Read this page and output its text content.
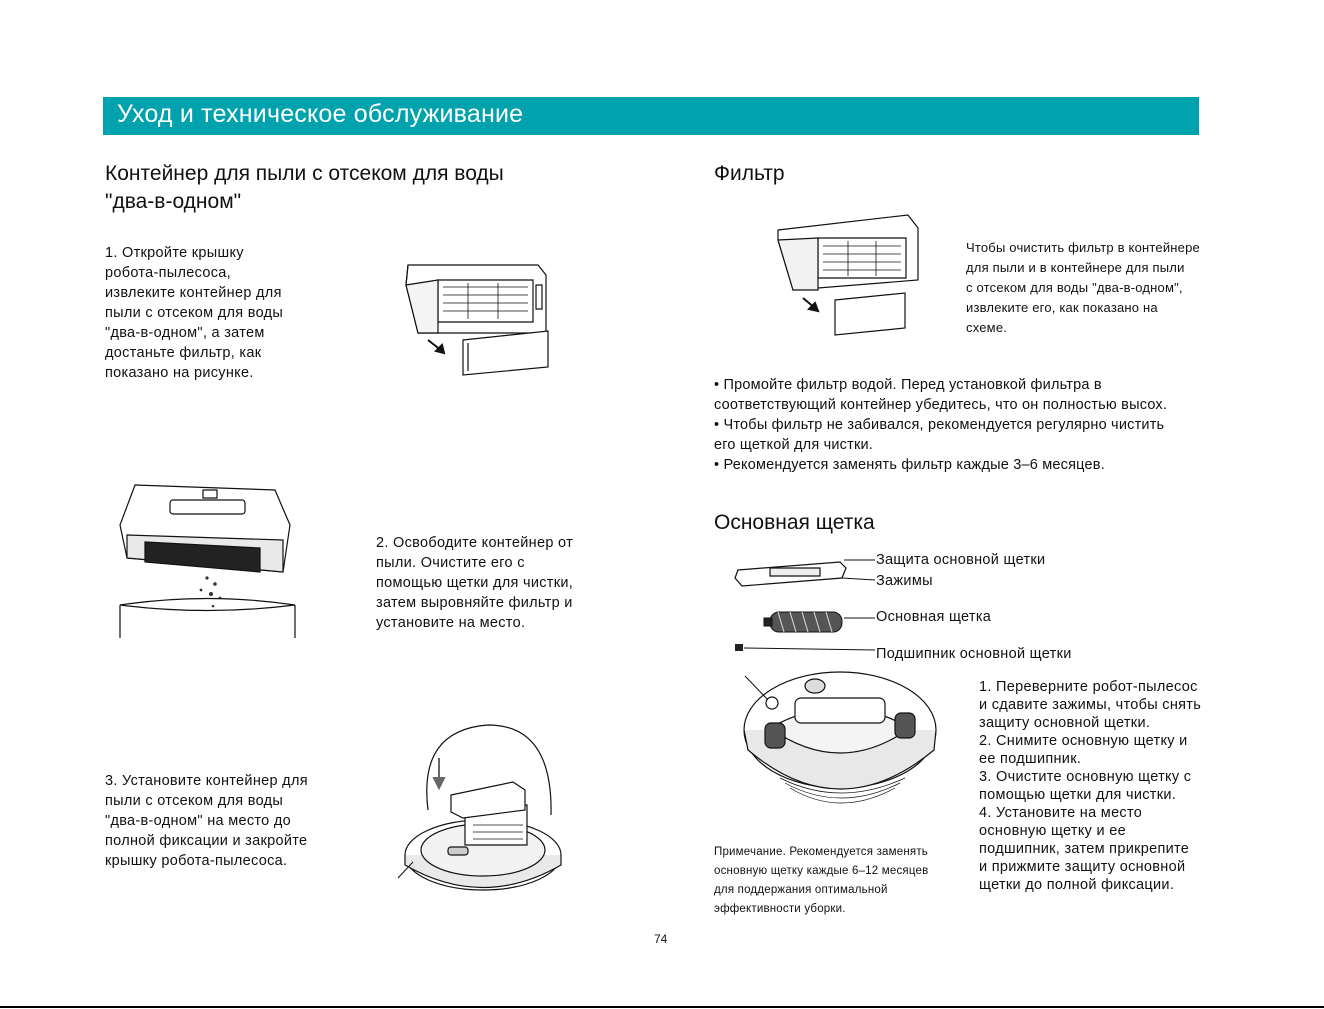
Уход и техническое обслуживание
Контейнер для пыли с отсеком для воды
"два-в-одном"
1. Откройте крышку
робота-пылесоса,
извлеките контейнер для
пыли с отсеком для воды
"два-в-одном", а затем
достаньте фильтр, как
показано на рисунке.
2. Освободите контейнер от
пыли. Очистите его с
помощью щетки для чистки,
затем выровняйте фильтр и
установите на место.
3. Установите контейнер для
пыли с отсеком для воды
"два-в-одном" на место до
полной фиксации и закройте
крышку робота-пылесоса.
Фильтр
Чтобы очистить фильтр в контейнере
для пыли и в контейнере для пыли
с отсеком для воды "два-в-одном",
извлеките его, как показано на
схеме.
• Промойте фильтр водой. Перед установкой фильтра в
соответствующий контейнер убедитесь, что он полностью высох.
• Чтобы фильтр не забивался, рекомендуется регулярно чистить
его щеткой для чистки.
• Рекомендуется заменять фильтр каждые 3–6 месяцев.
Основная щетка
Защита основной щетки
Зажимы
Основная щетка
Подшипник основной щетки
1. Переверните робот-пылесос
и сдавите зажимы, чтобы снять
защиту основной щетки.
2. Снимите основную щетку и
ее подшипник.
3. Очистите основную щетку с
помощью щетки для чистки.
4. Установите на место
основную щетку и ее
подшипник, затем прикрепите
и прижмите защиту основной
щетки до полной фиксации.
Примечание. Рекомендуется заменять
основную щетку каждые 6–12 месяцев
для поддержания оптимальной
эффективности уборки.
74
